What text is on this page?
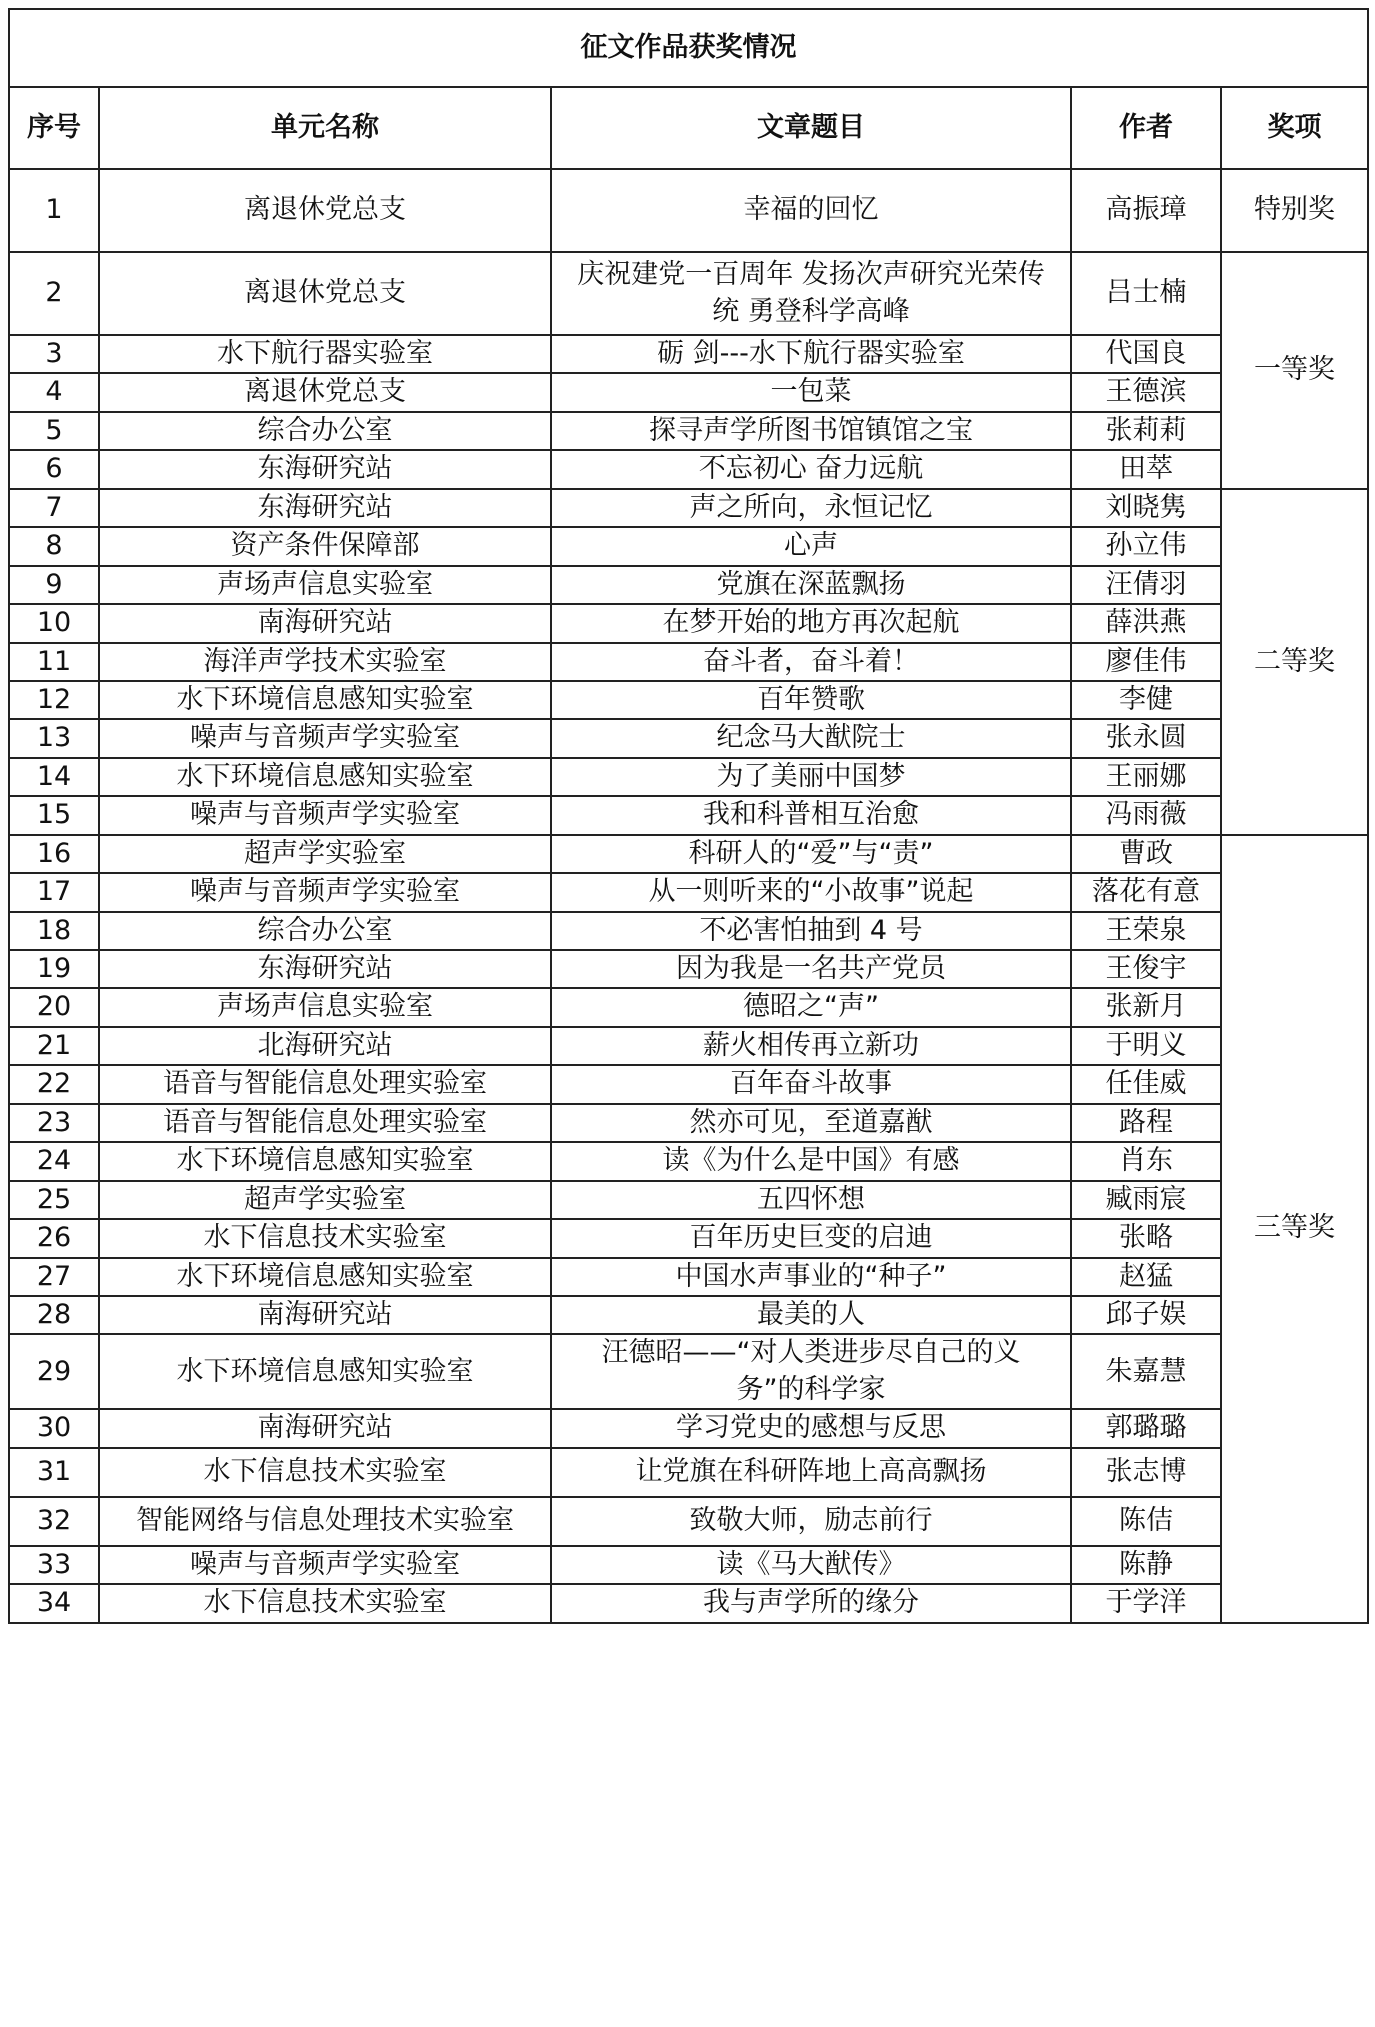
征文作品获奖情况				
序号	单元名称	文章题目	作者	奖项
1	离退休党总支	幸福的回忆	高振璋	特别奖
2	离退休党总支	庆祝建党一百周年 发扬次声研究光荣传统 勇登科学高峰	吕士楠	一等奖
3	水下航行器实验室	砺 剑---水下航行器实验室	代国良	
4	离退休党总支	一包菜	王德滨	
5	综合办公室	探寻声学所图书馆镇馆之宝	张莉莉	
6	东海研究站	不忘初心 奋力远航	田萃	
7	东海研究站	声之所向，永恒记忆	刘晓隽	二等奖
8	资产条件保障部	心声	孙立伟	
9	声场声信息实验室	党旗在深蓝飘扬	汪倩羽	
10	南海研究站	在梦开始的地方再次起航	薛洪燕	
11	海洋声学技术实验室	奋斗者，奋斗着！	廖佳伟	
12	水下环境信息感知实验室	百年赞歌	李健	
13	噪声与音频声学实验室	纪念马大猷院士	张永圆	
14	水下环境信息感知实验室	为了美丽中国梦	王丽娜	
15	噪声与音频声学实验室	我和科普相互治愈	冯雨薇	
16	超声学实验室	科研人的“爱”与“责”	曹政	三等奖
17	噪声与音频声学实验室	从一则听来的“小故事”说起	落花有意	
18	综合办公室	不必害怕抽到 4 号	王荣泉	
19	东海研究站	因为我是一名共产党员	王俊宇	
20	声场声信息实验室	德昭之“声”	张新月	
21	北海研究站	薪火相传再立新功	于明义	
22	语音与智能信息处理实验室	百年奋斗故事	任佳威	
23	语音与智能信息处理实验室	然亦可见，至道嘉猷	路程	
24	水下环境信息感知实验室	读《为什么是中国》有感	肖东	
25	超声学实验室	五四怀想	臧雨宸	
26	水下信息技术实验室	百年历史巨变的启迪	张略	
27	水下环境信息感知实验室	中国水声事业的“种子”	赵猛	
28	南海研究站	最美的人	邱子娱	
29	水下环境信息感知实验室	汪德昭——“对人类进步尽自己的义务”的科学家	朱嘉慧	
30	南海研究站	学习党史的感想与反思	郭璐璐	
31	水下信息技术实验室	让党旗在科研阵地上高高飘扬	张志博	
32	智能网络与信息处理技术实验室	致敬大师，励志前行	陈佶	
33	噪声与音频声学实验室	读《马大猷传》	陈静	
34	水下信息技术实验室	我与声学所的缘分	于学洋	
